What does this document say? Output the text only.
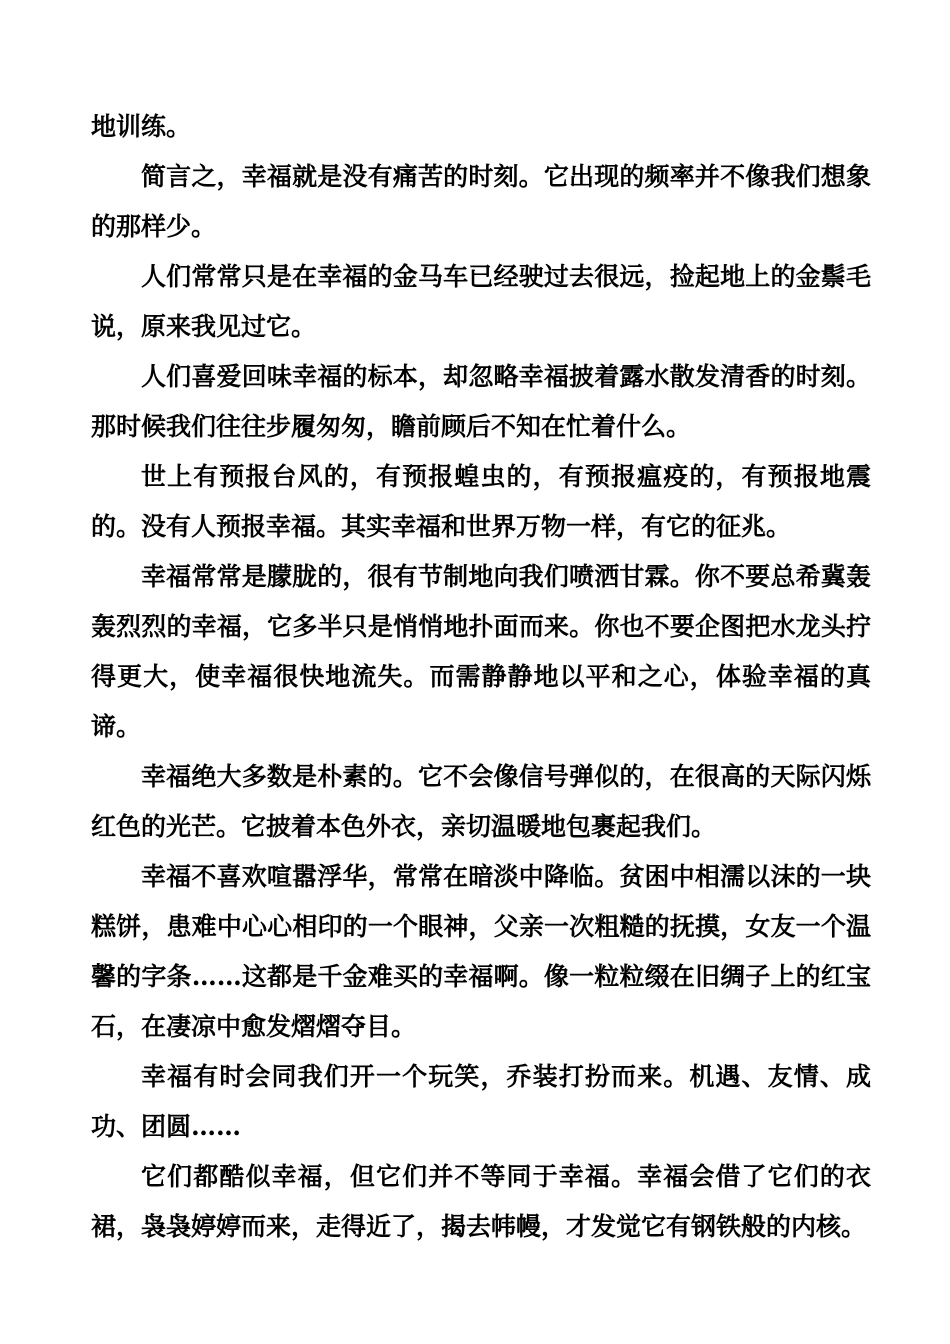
地训练。

简言之，幸福就是没有痛苦的时刻。它出现的频率并不像我们想象的那样少。

人们常常只是在幸福的金马车已经驶过去很远，捡起地上的金鬃毛说，原来我见过它。

人们喜爱回味幸福的标本，却忽略幸福披着露水散发清香的时刻。那时候我们往往步履匆匆，瞻前顾后不知在忙着什么。

世上有预报台风的，有预报蝗虫的，有预报瘟疫的，有预报地震的。没有人预报幸福。其实幸福和世界万物一样，有它的征兆。

幸福常常是朦胧的，很有节制地向我们喷洒甘霖。你不要总希冀轰轰烈烈的幸福，它多半只是悄悄地扑面而来。你也不要企图把水龙头拧得更大，使幸福很快地流失。而需静静地以平和之心，体验幸福的真谛。

幸福绝大多数是朴素的。它不会像信号弹似的，在很高的天际闪烁红色的光芒。它披着本色外衣，亲切温暖地包裹起我们。

幸福不喜欢喧嚣浮华，常常在暗淡中降临。贫困中相濡以沫的一块糕饼，患难中心心相印的一个眼神，父亲一次粗糙的抚摸，女友一个温馨的字条……这都是千金难买的幸福啊。像一粒粒缀在旧绸子上的红宝石，在凄凉中愈发熠熠夺目。

幸福有时会同我们开一个玩笑，乔装打扮而来。机遇、友情、成功、团圆……

它们都酷似幸福，但它们并不等同于幸福。幸福会借了它们的衣裙，袅袅婷婷而来，走得近了，揭去帏幔，才发觉它有钢铁般的内核。
